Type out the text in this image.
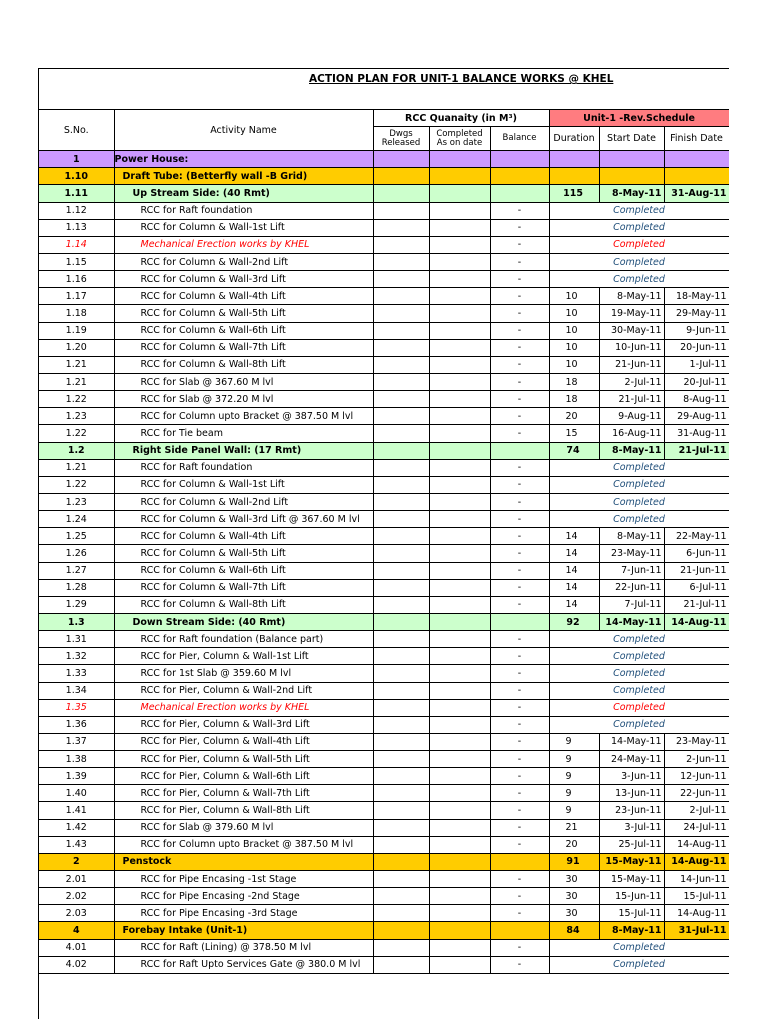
ACTION PLAN FOR UNIT-1 BALANCE WORKS @ KHEL
S.No.	Activity Name	RCC Quanaity (in M³)			Unit-1 -Rev.Schedule		
		Dwgs Released	Completed As on date	Balance	Duration	Start Date	Finish Date
1	Power House:						
1.10	Draft Tube: (Betterfly wall -B Grid)						
1.11	Up Stream Side: (40 Rmt)				115	8-May-11	31-Aug-11
1.12	RCC for Raft foundation			-	Completed		
1.13	RCC for Column & Wall-1st Lift			-	Completed		
1.14	Mechanical Erection works by KHEL			-	Completed		
1.15	RCC for Column & Wall-2nd Lift			-	Completed		
1.16	RCC for Column & Wall-3rd Lift			-	Completed		
1.17	RCC for Column & Wall-4th Lift			-	10	8-May-11	18-May-11
1.18	RCC for Column & Wall-5th Lift			-	10	19-May-11	29-May-11
1.19	RCC for Column & Wall-6th Lift			-	10	30-May-11	9-Jun-11
1.20	RCC for Column & Wall-7th Lift			-	10	10-Jun-11	20-Jun-11
1.21	RCC for Column & Wall-8th Lift			-	10	21-Jun-11	1-Jul-11
1.21	RCC for Slab @ 367.60 M lvl			-	18	2-Jul-11	20-Jul-11
1.22	RCC for Slab @ 372.20 M lvl			-	18	21-Jul-11	8-Aug-11
1.23	RCC for Column upto Bracket @ 387.50 M lvl			-	20	9-Aug-11	29-Aug-11
1.22	RCC for Tie beam			-	15	16-Aug-11	31-Aug-11
1.2	Right Side Panel Wall: (17 Rmt)				74	8-May-11	21-Jul-11
1.21	RCC for Raft foundation			-	Completed		
1.22	RCC for Column & Wall-1st Lift			-	Completed		
1.23	RCC for Column & Wall-2nd Lift			-	Completed		
1.24	RCC for Column & Wall-3rd Lift @ 367.60 M lvl			-	Completed		
1.25	RCC for Column & Wall-4th Lift			-	14	8-May-11	22-May-11
1.26	RCC for Column & Wall-5th Lift			-	14	23-May-11	6-Jun-11
1.27	RCC for Column & Wall-6th Lift			-	14	7-Jun-11	21-Jun-11
1.28	RCC for Column & Wall-7th Lift			-	14	22-Jun-11	6-Jul-11
1.29	RCC for Column & Wall-8th Lift			-	14	7-Jul-11	21-Jul-11
1.3	Down Stream Side: (40 Rmt)				92	14-May-11	14-Aug-11
1.31	RCC for Raft foundation (Balance part)			-	Completed		
1.32	RCC for Pier, Column & Wall-1st Lift			-	Completed		
1.33	RCC for 1st Slab @ 359.60 M lvl			-	Completed		
1.34	RCC for Pier, Column & Wall-2nd Lift			-	Completed		
1.35	Mechanical Erection works by KHEL			-	Completed		
1.36	RCC for Pier, Column & Wall-3rd Lift			-	Completed		
1.37	RCC for Pier, Column & Wall-4th Lift			-	9	14-May-11	23-May-11
1.38	RCC for Pier, Column & Wall-5th Lift			-	9	24-May-11	2-Jun-11
1.39	RCC for Pier, Column & Wall-6th Lift			-	9	3-Jun-11	12-Jun-11
1.40	RCC for Pier, Column & Wall-7th Lift			-	9	13-Jun-11	22-Jun-11
1.41	RCC for Pier, Column & Wall-8th Lift			-	9	23-Jun-11	2-Jul-11
1.42	RCC for Slab @ 379.60 M lvl			-	21	3-Jul-11	24-Jul-11
1.43	RCC for Column upto Bracket @ 387.50 M lvl			-	20	25-Jul-11	14-Aug-11
2	Penstock				91	15-May-11	14-Aug-11
2.01	RCC for Pipe Encasing -1st Stage			-	30	15-May-11	14-Jun-11
2.02	RCC for Pipe Encasing -2nd Stage			-	30	15-Jun-11	15-Jul-11
2.03	RCC for Pipe Encasing -3rd Stage			-	30	15-Jul-11	14-Aug-11
4	Forebay Intake (Unit-1)				84	8-May-11	31-Jul-11
4.01	RCC for Raft (Lining) @ 378.50 M lvl			-	Completed		
4.02	RCC for Raft Upto Services Gate @ 380.0 M lvl			-	Completed		
